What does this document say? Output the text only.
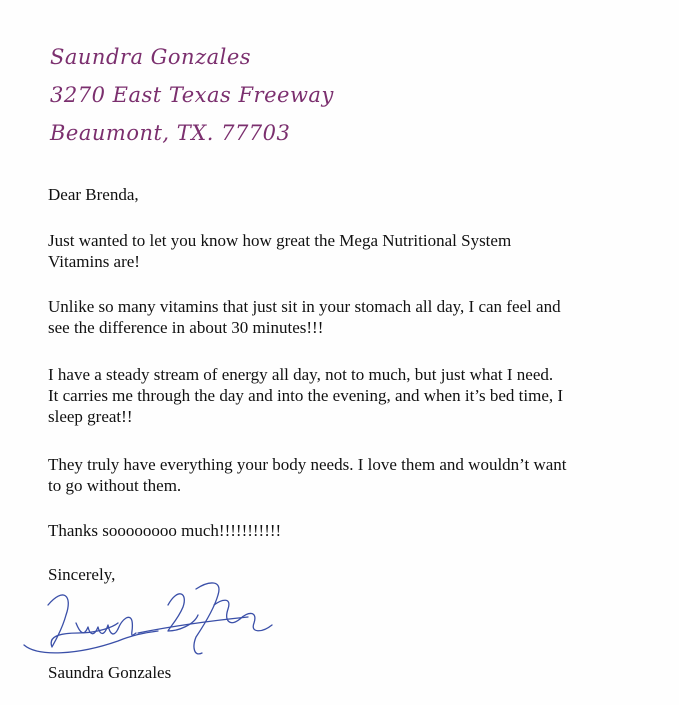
Saundra Gonzales
3270 East Texas Freeway
Beaumont, TX. 77703

Dear Brenda,

Just wanted to let you know how great the Mega Nutritional System

Vitamins are!

Unlike so many vitamins that just sit in your stomach all day, I can feel and

see the difference in about 30 minutes!!!

I have a steady stream of energy all day, not to much, but just what I need.

It carries me through the day and into the evening, and when it’s bed time, I

sleep great!!

They truly have everything your body needs. I love them and wouldn’t want

to go without them.

Thanks soooooooo much!!!!!!!!!!!

Sincerely,

Saundra Gonzales
